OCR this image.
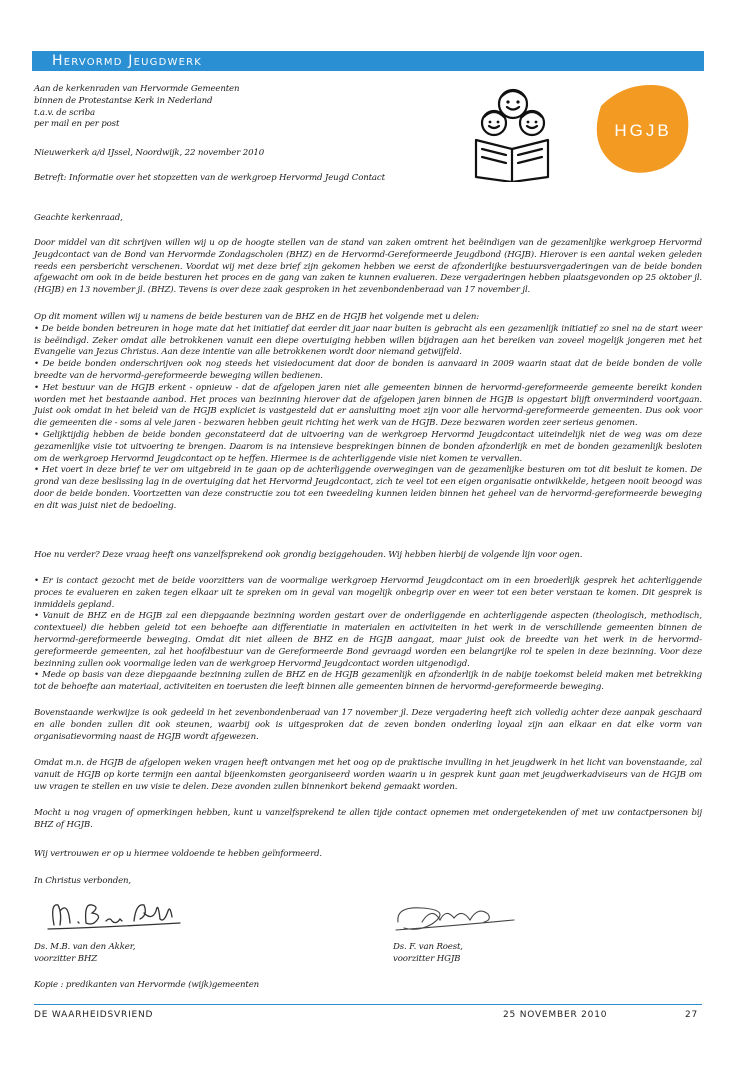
Hervormd Jeugdwerk
HGJB
Aan de kerkenraden van Hervormde Gemeenten
binnen de Protestantse Kerk in Nederland
t.a.v. de scriba
per mail en per post
Nieuwerkerk a/d IJssel, Noordwijk, 22 november 2010
Betreft: Informatie over het stopzetten van de werkgroep Hervormd Jeugd Contact
Geachte kerkenraad,
Door middel van dit schrijven willen wij u op de hoogte stellen van de stand van zaken omtrent het beëindigen van de gezamenlijke werkgroep Hervormd Jeugdcontact van de Bond van Hervormde Zondagscholen (BHZ) en de Hervormd-Gereformeerde Jeugdbond (HGJB). Hierover is een aantal weken geleden reeds een persbericht verschenen. Voordat wij met deze brief zijn gekomen hebben we eerst de afzonderlijke bestuursvergaderingen van de beide bonden afgewacht om ook in de beide besturen het proces en de gang van zaken te kunnen evalueren. Deze vergaderingen hebben plaatsgevonden op 25 oktober jl. (HGJB) en 13 november jl. (BHZ). Tevens is over deze zaak gesproken in het zevenbondenberaad van 17 november jl.
Op dit moment willen wij u namens de beide besturen van de BHZ en de HGJB het volgende met u delen:
• De beide bonden betreuren in hoge mate dat het initiatief dat eerder dit jaar naar buiten is gebracht als een gezamenlijk initiatief zo snel na de start weer is beëindigd. Zeker omdat alle betrokkenen vanuit een diepe overtuiging hebben willen bijdragen aan het bereiken van zoveel mogelijk jongeren met het Evangelie van Jezus Christus. Aan deze intentie van alle betrokkenen wordt door niemand getwijfeld.
• De beide bonden onderschrijven ook nog steeds het visiedocument dat door de bonden is aanvaard in 2009 waarin staat dat de beide bonden de volle breedte van de hervormd-gereformeerde beweging willen bedienen.
• Het bestuur van de HGJB erkent - opnieuw - dat de afgelopen jaren niet alle gemeenten binnen de hervormd-gereformeerde gemeente bereikt konden worden met het bestaande aanbod. Het proces van bezinning hierover dat de afgelopen jaren binnen de HGJB is opgestart blijft onverminderd voortgaan. Juist ook omdat in het beleid van de HGJB expliciet is vastgesteld dat er aansluiting moet zijn voor alle hervormd-gereformeerde gemeenten. Dus ook voor die gemeenten die - soms al vele jaren - bezwaren hebben geuit richting het werk van de HGJB. Deze bezwaren worden zeer serieus genomen.
• Gelijktijdig hebben de beide bonden geconstateerd dat de uitvoering van de werkgroep Hervormd Jeugdcontact uiteindelijk niet de weg was om deze gezamenlijke visie tot uitvoering te brengen. Daarom is na intensieve besprekingen binnen de bonden afzonderlijk en met de bonden gezamenlijk besloten om de werkgroep Hervormd Jeugdcontact op te heffen. Hiermee is de achterliggende visie niet komen te vervallen.
• Het voert in deze brief te ver om uitgebreid in te gaan op de achterliggende overwegingen van de gezamenlijke besturen om tot dit besluit te komen. De grond van deze beslissing lag in de overtuiging dat het Hervormd Jeugdcontact, zich te veel tot een eigen organisatie ontwikkelde, hetgeen nooit beoogd was door de beide bonden. Voortzetten van deze constructie zou tot een tweedeling kunnen leiden binnen het geheel van de hervormd-gereformeerde beweging en dit was juist niet de bedoeling.
Hoe nu verder? Deze vraag heeft ons vanzelfsprekend ook grondig beziggehouden. Wij hebben hierbij de volgende lijn voor ogen.
• Er is contact gezocht met de beide voorzitters van de voormalige werkgroep Hervormd Jeugdcontact om in een broederlijk gesprek het achterliggende proces te evalueren en zaken tegen elkaar uit te spreken om in geval van mogelijk onbegrip over en weer tot een beter verstaan te komen. Dit gesprek is inmiddels gepland.
• Vanuit de BHZ en de HGJB zal een diepgaande bezinning worden gestart over de onderliggende en achterliggende aspecten (theologisch, methodisch, contextueel) die hebben geleid tot een behoefte aan differentiatie in materialen en activiteiten in het werk in de verschillende gemeenten binnen de hervormd-gereformeerde beweging. Omdat dit niet alleen de BHZ en de HGJB aangaat, maar juist ook de breedte van het werk in de hervormd-gereformeerde gemeenten, zal het hoofdbestuur van de Gereformeerde Bond gevraagd worden een belangrijke rol te spelen in deze bezinning. Voor deze bezinning zullen ook voormalige leden van de werkgroep Hervormd Jeugdcontact worden uitgenodigd.
• Mede op basis van deze diepgaande bezinning zullen de BHZ en de HGJB gezamenlijk en afzonderlijk in de nabije toekomst beleid maken met betrekking tot de behoefte aan materiaal, activiteiten en toerusten die leeft binnen alle gemeenten binnen de hervormd-gereformeerde beweging.
Bovenstaande werkwijze is ook gedeeld in het zevenbondenberaad van 17 november jl. Deze vergadering heeft zich volledig achter deze aanpak geschaard en alle bonden zullen dit ook steunen, waarbij ook is uitgesproken dat de zeven bonden onderling loyaal zijn aan elkaar en dat elke vorm van organisatievorming naast de HGJB wordt afgewezen.
Omdat m.n. de HGJB de afgelopen weken vragen heeft ontvangen met het oog op de praktische invulling in het jeugdwerk in het licht van bovenstaande, zal vanuit de HGJB op korte termijn een aantal bijeenkomsten georganiseerd worden waarin u in gesprek kunt gaan met jeugdwerkadviseurs van de HGJB om uw vragen te stellen en uw visie te delen. Deze avonden zullen binnenkort bekend gemaakt worden.
Mocht u nog vragen of opmerkingen hebben, kunt u vanzelfsprekend te allen tijde contact opnemen met ondergetekenden of met uw contactpersonen bij BHZ of HGJB.
Wij vertrouwen er op u hiermee voldoende te hebben geïnformeerd.
In Christus verbonden,
Ds. M.B. van den Akker,
voorzitter BHZ
Ds. F. van Roest,
voorzitter HGJB
Kopie : predikanten van Hervormde (wijk)gemeenten
DE WAARHEIDSVRIEND	25 NOVEMBER 2010	27
